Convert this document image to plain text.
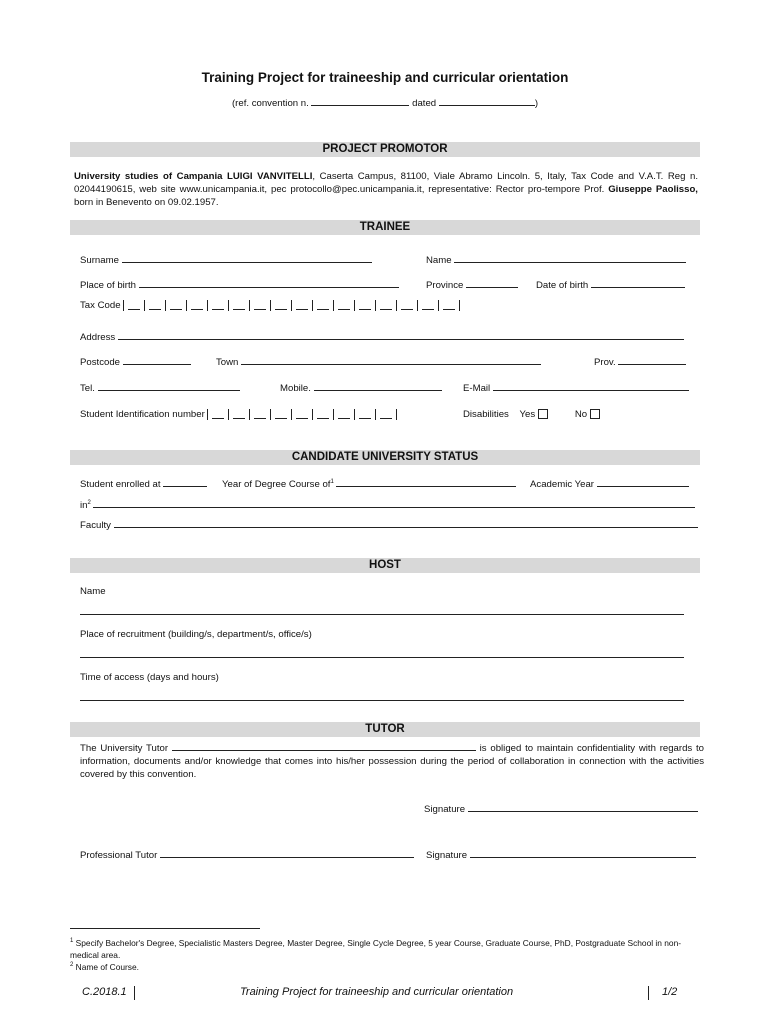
Training Project for traineeship and curricular orientation
(ref. convention n.	dated	)
PROJECT PROMOTOR
University studies of Campania LUIGI VANVITELLI, Caserta Campus, 81100, Viale Abramo Lincoln. 5, Italy, Tax Code and V.A.T. Reg n. 02044190615, web site www.unicampania.it, pec protocollo@pec.unicampania.it, representative: Rector pro-tempore Prof. Giuseppe Paolisso, born in Benevento on 09.02.1957.
TRAINEE
Surname	Name
Place of birth	Province	Date of birth
Tax Code
Address
Postcode	Town	Prov.
Tel.	Mobile.	E-Mail
Student Identification number	Disabilities Yes	No
CANDIDATE UNIVERSITY STATUS
Student enrolled at	Year of Degree Course $of^1$	Academic Year
$in^2$
Faculty
HOST
Name
Place of recruitment (building/s, department/s, office/s)
Time of access (days and hours)
TUTOR
The University Tutor	is obliged to maintain confidentiality with regards to information, documents and/or knowledge that comes into his/her possession during the period of collaboration in connection with the activities covered by this convention.
Signature
Professional Tutor	Signature
$^1$ Specify Bachelor's Degree, Specialistic Masters Degree, Master Degree, Single Cycle Degree, 5 year Course, Graduate Course, PhD, Postgraduate School in non-medical area.
$^2$ Name of Course.
C.2018.1	Training Project for traineeship and curricular orientation	1/2
